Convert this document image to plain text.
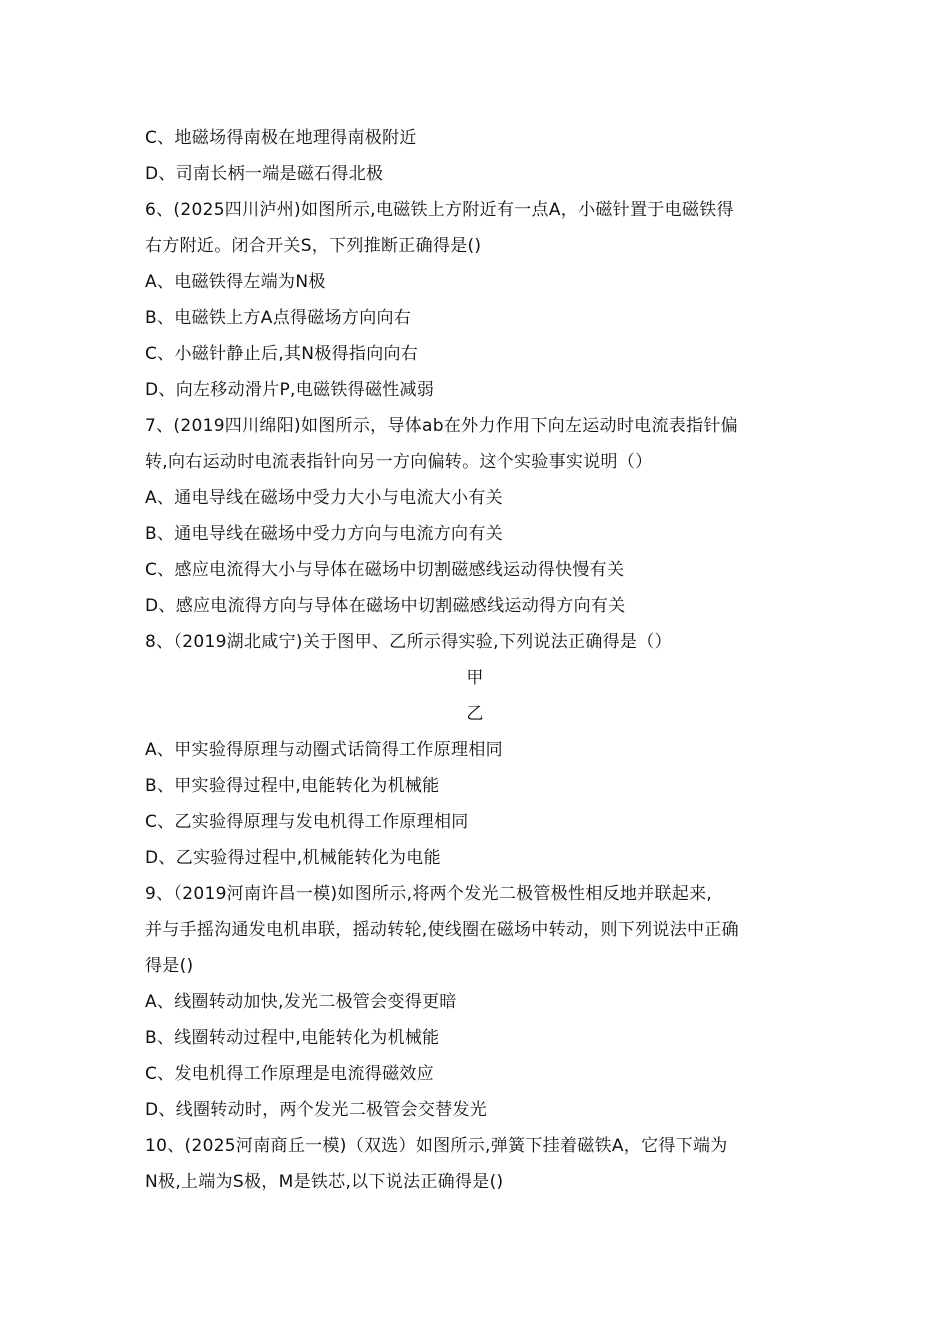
C、地磁场得南极在地理得南极附近
D、司南长柄一端是磁石得北极
6、(2025四川泸州)如图所示,电磁铁上方附近有一点A，小磁针置于电磁铁得
右方附近。闭合开关S，下列推断正确得是()
A、电磁铁得左端为N极
B、电磁铁上方A点得磁场方向向右
C、小磁针静止后,其N极得指向向右
D、向左移动滑片P,电磁铁得磁性减弱
7、(2019四川绵阳)如图所示，导体ab在外力作用下向左运动时电流表指针偏
转,向右运动时电流表指针向另一方向偏转。这个实验事实说明（）
A、通电导线在磁场中受力大小与电流大小有关
B、通电导线在磁场中受力方向与电流方向有关
C、感应电流得大小与导体在磁场中切割磁感线运动得快慢有关
D、感应电流得方向与导体在磁场中切割磁感线运动得方向有关
8、（2019湖北咸宁)关于图甲、乙所示得实验,下列说法正确得是（）
甲
乙
A、甲实验得原理与动圈式话筒得工作原理相同
B、甲实验得过程中,电能转化为机械能
C、乙实验得原理与发电机得工作原理相同
D、乙实验得过程中,机械能转化为电能
9、（2019河南许昌一模)如图所示,将两个发光二极管极性相反地并联起来,
并与手摇沟通发电机串联，摇动转轮,使线圈在磁场中转动，则下列说法中正确
得是()
A、线圈转动加快,发光二极管会变得更暗
B、线圈转动过程中,电能转化为机械能
C、发电机得工作原理是电流得磁效应
D、线圈转动时，两个发光二极管会交替发光
10、(2025河南商丘一模)（双选）如图所示,弹簧下挂着磁铁A，它得下端为
N极,上端为S极，M是铁芯,以下说法正确得是()
